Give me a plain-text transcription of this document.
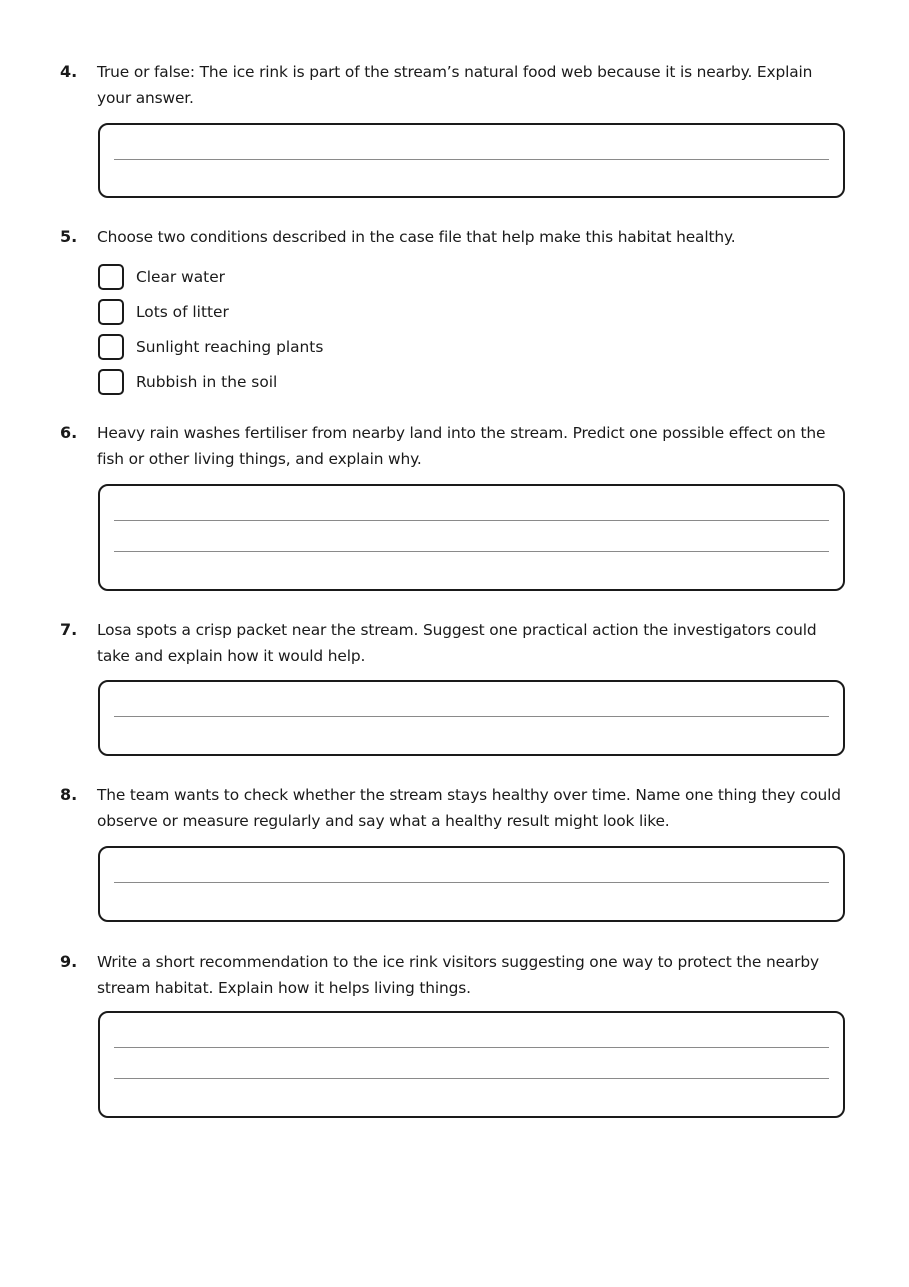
4. True or false: The ice rink is part of the stream’s natural food web because it is nearby. Explain your answer.
5. Choose two conditions described in the case file that help make this habitat healthy.
Clear water
Lots of litter
Sunlight reaching plants
Rubbish in the soil
6. Heavy rain washes fertiliser from nearby land into the stream. Predict one possible effect on the fish or other living things, and explain why.
7. Losa spots a crisp packet near the stream. Suggest one practical action the investigators could take and explain how it would help.
8. The team wants to check whether the stream stays healthy over time. Name one thing they could observe or measure regularly and say what a healthy result might look like.
9. Write a short recommendation to the ice rink visitors suggesting one way to protect the nearby stream habitat. Explain how it helps living things.
